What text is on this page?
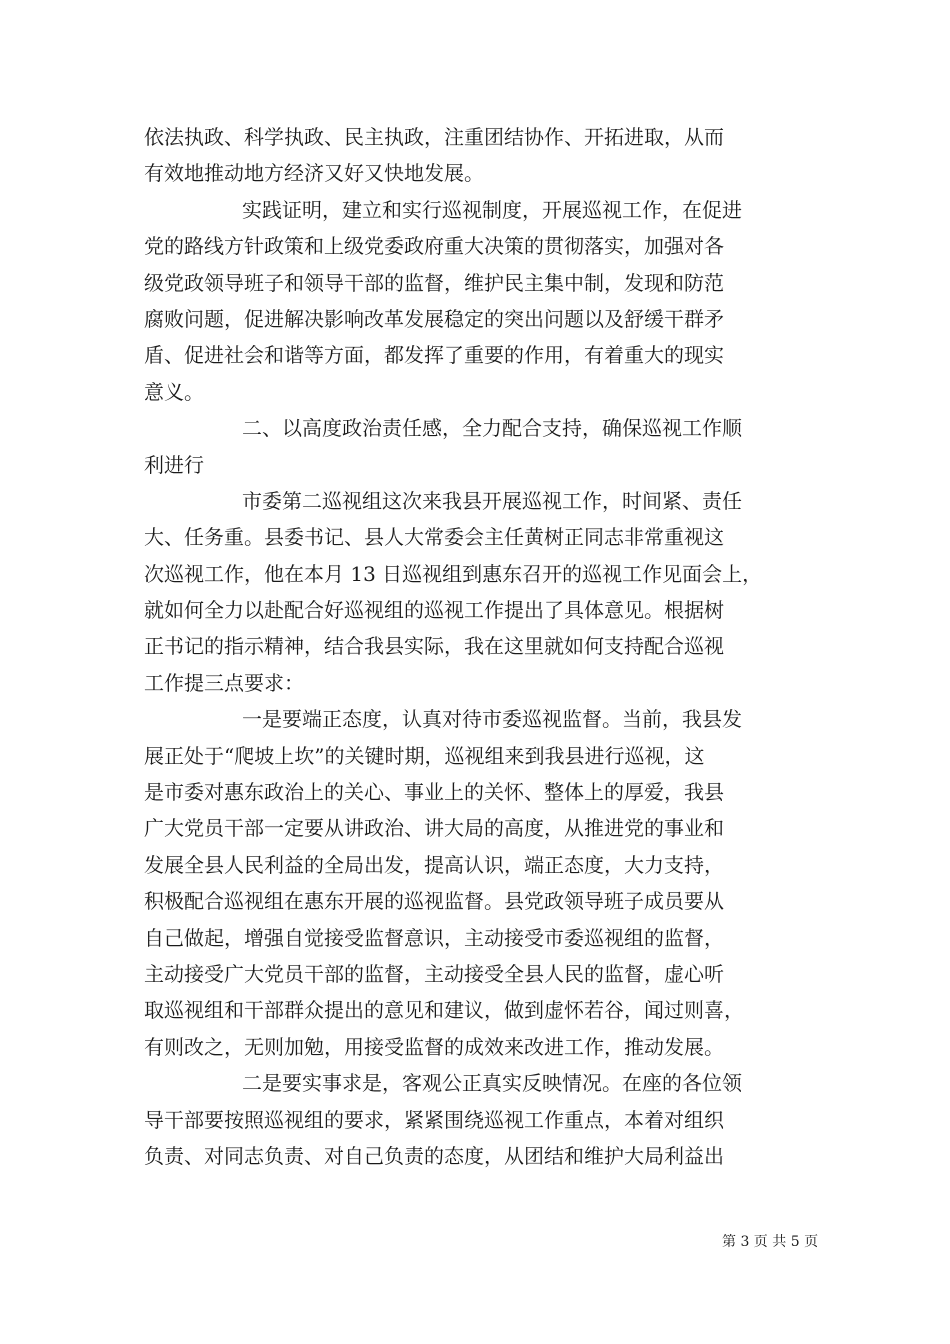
依法执政、科学执政、民主执政，注重团结协作、开拓进取，从而
有效地推动地方经济又好又快地发展。
实践证明，建立和实行巡视制度，开展巡视工作，在促进
党的路线方针政策和上级党委政府重大决策的贯彻落实，加强对各
级党政领导班子和领导干部的监督，维护民主集中制，发现和防范
腐败问题，促进解决影响改革发展稳定的突出问题以及舒缓干群矛
盾、促进社会和谐等方面，都发挥了重要的作用，有着重大的现实
意义。
二、以高度政治责任感，全力配合支持，确保巡视工作顺
利进行
市委第二巡视组这次来我县开展巡视工作，时间紧、责任
大、任务重。县委书记、县人大常委会主任黄树正同志非常重视这
次巡视工作，他在本月 13 日巡视组到惠东召开的巡视工作见面会上，
就如何全力以赴配合好巡视组的巡视工作提出了具体意见。根据树
正书记的指示精神，结合我县实际，我在这里就如何支持配合巡视
工作提三点要求：
一是要端正态度，认真对待市委巡视监督。当前，我县发
展正处于“爬坡上坎”的关键时期，巡视组来到我县进行巡视，这
是市委对惠东政治上的关心、事业上的关怀、整体上的厚爱，我县
广大党员干部一定要从讲政治、讲大局的高度，从推进党的事业和
发展全县人民利益的全局出发，提高认识，端正态度，大力支持，
积极配合巡视组在惠东开展的巡视监督。县党政领导班子成员要从
自己做起，增强自觉接受监督意识，主动接受市委巡视组的监督，
主动接受广大党员干部的监督，主动接受全县人民的监督，虚心听
取巡视组和干部群众提出的意见和建议，做到虚怀若谷，闻过则喜，
有则改之，无则加勉，用接受监督的成效来改进工作，推动发展。
二是要实事求是，客观公正真实反映情况。在座的各位领
导干部要按照巡视组的要求，紧紧围绕巡视工作重点，本着对组织
负责、对同志负责、对自己负责的态度，从团结和维护大局利益出
第 3 页 共 5 页
